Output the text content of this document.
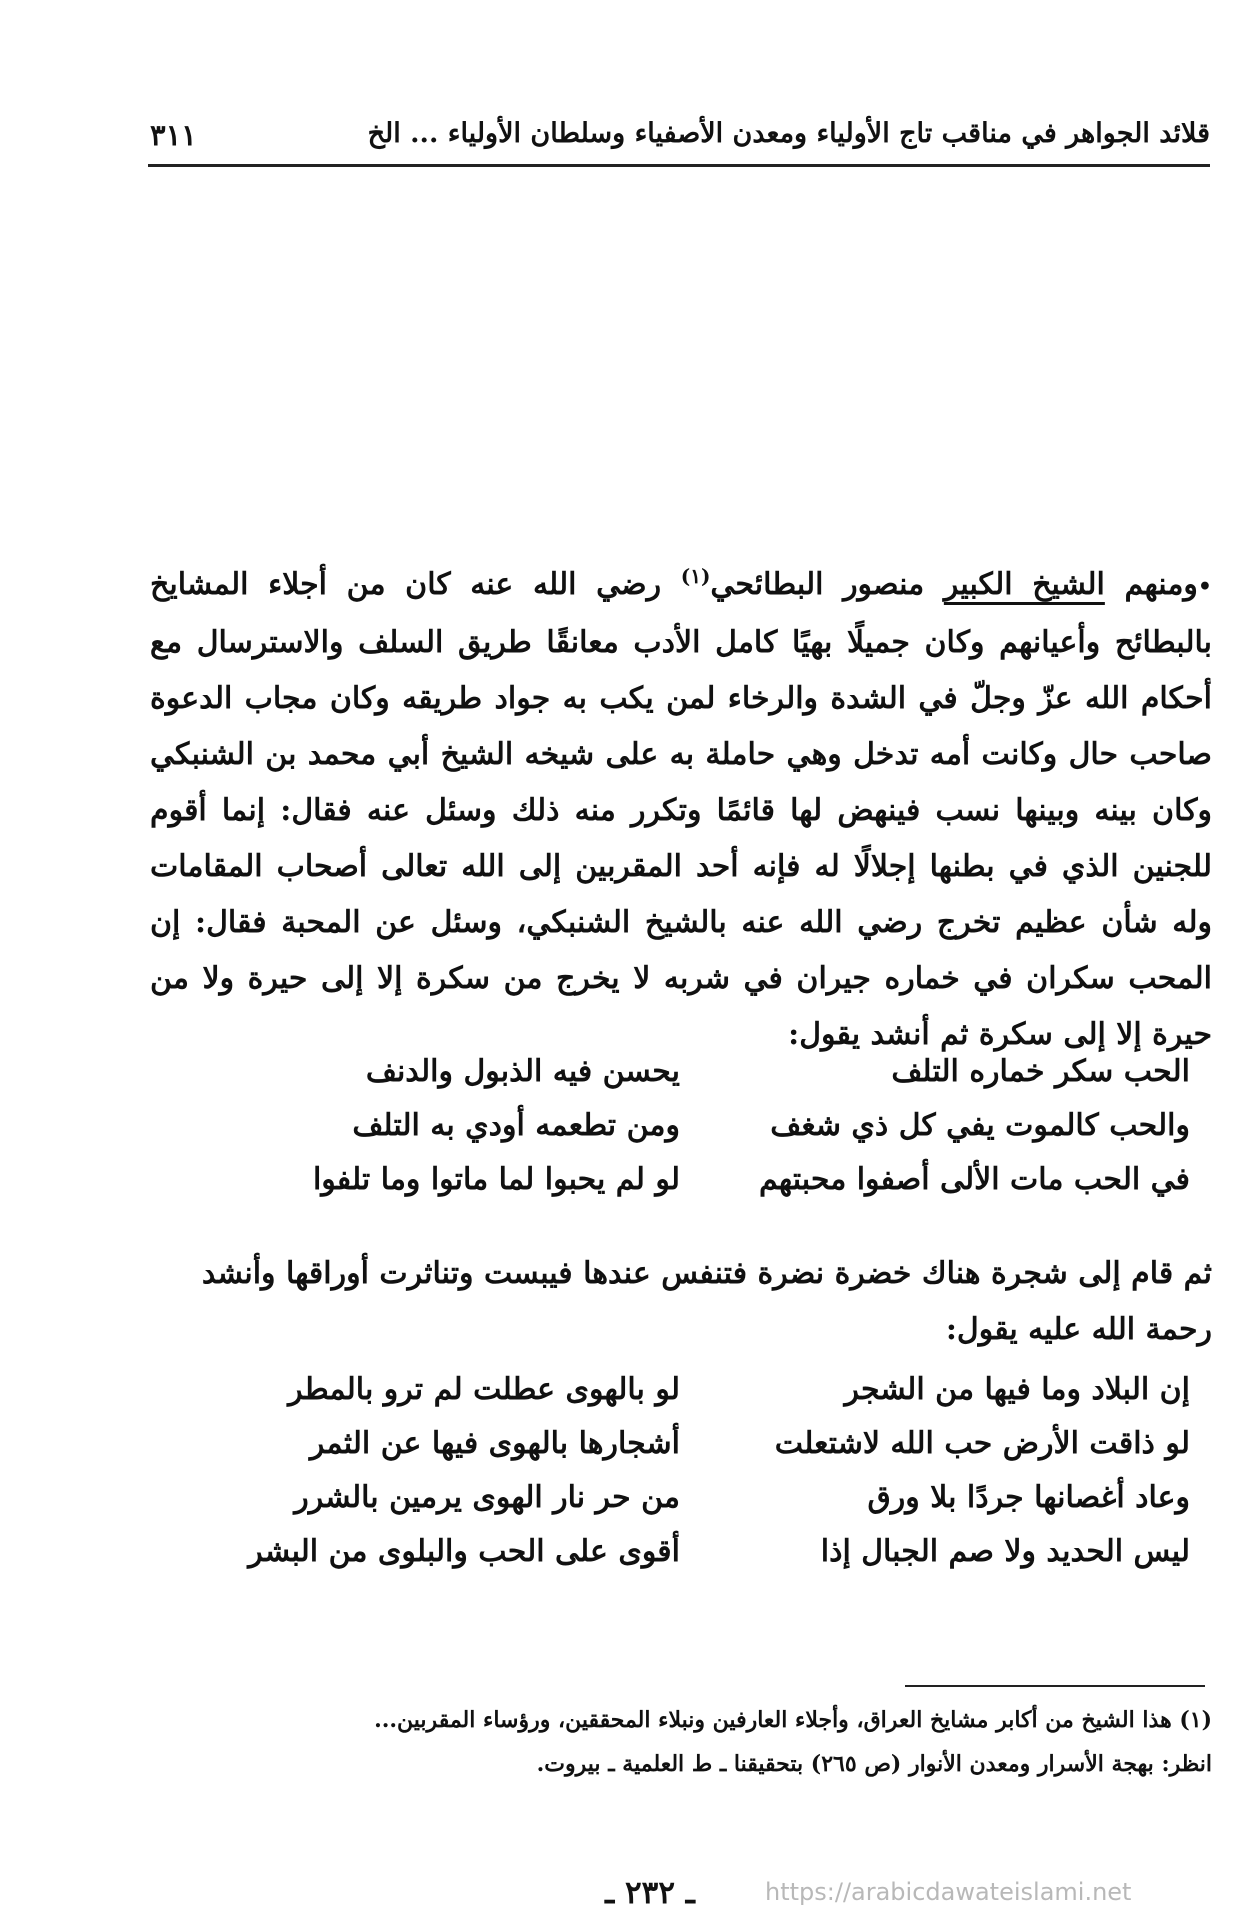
قلائد الجواهر في مناقب تاج الأولياء ومعدن الأصفياء وسلطان الأولياء ... الخ
٣١١
•ومنهم الشيخ الكبير منصور البطائحي$^{(١)}$ رضي الله عنه كان من أجلاء المشايخ بالبطائح وأعيانهم وكان جميلًا بهيًا كامل الأدب معانقًا طريق السلف والاسترسال مع أحكام الله عزّ وجلّ في الشدة والرخاء لمن يكب به جواد طريقه وكان مجاب الدعوة صاحب حال وكانت أمه تدخل وهي حاملة به على شيخه الشيخ أبي محمد بن الشنبكي وكان بينه وبينها نسب فينهض لها قائمًا وتكرر منه ذلك وسئل عنه فقال: إنما أقوم للجنين الذي في بطنها إجلالًا له فإنه أحد المقربين إلى الله تعالى أصحاب المقامات وله شأن عظيم تخرج رضي الله عنه بالشيخ الشنبكي، وسئل عن المحبة فقال: إن المحب سكران في خماره جيران في شربه لا يخرج من سكرة إلا إلى حيرة ولا من حيرة إلا إلى سكرة ثم أنشد يقول:
الحب سكر خماره التلف
يحسن فيه الذبول والدنف
والحب كالموت يفي كل ذي شغف
ومن تطعمه أودي به التلف
في الحب مات الألى أصفوا محبتهم
لو لم يحبوا لما ماتوا وما تلفوا
ثم قام إلى شجرة هناك خضرة نضرة فتنفس عندها فيبست وتناثرت أوراقها وأنشد رحمة الله عليه يقول:
إن البلاد وما فيها من الشجر
لو بالهوى عطلت لم ترو بالمطر
لو ذاقت الأرض حب الله لاشتعلت
أشجارها بالهوى فيها عن الثمر
وعاد أغصانها جردًا بلا ورق
من حر نار الهوى يرمين بالشرر
ليس الحديد ولا صم الجبال إذا
أقوى على الحب والبلوى من البشر
(١) هذا الشيخ من أكابر مشايخ العراق، وأجلاء العارفين ونبلاء المحققين، ورؤساء المقربين...
انظر: بهجة الأسرار ومعدن الأنوار (ص ٢٦٥) بتحقيقنا ـ ط العلمية ـ بيروت.
ـ ٢٣٢ ـ	https://arabicdawateislami.net
